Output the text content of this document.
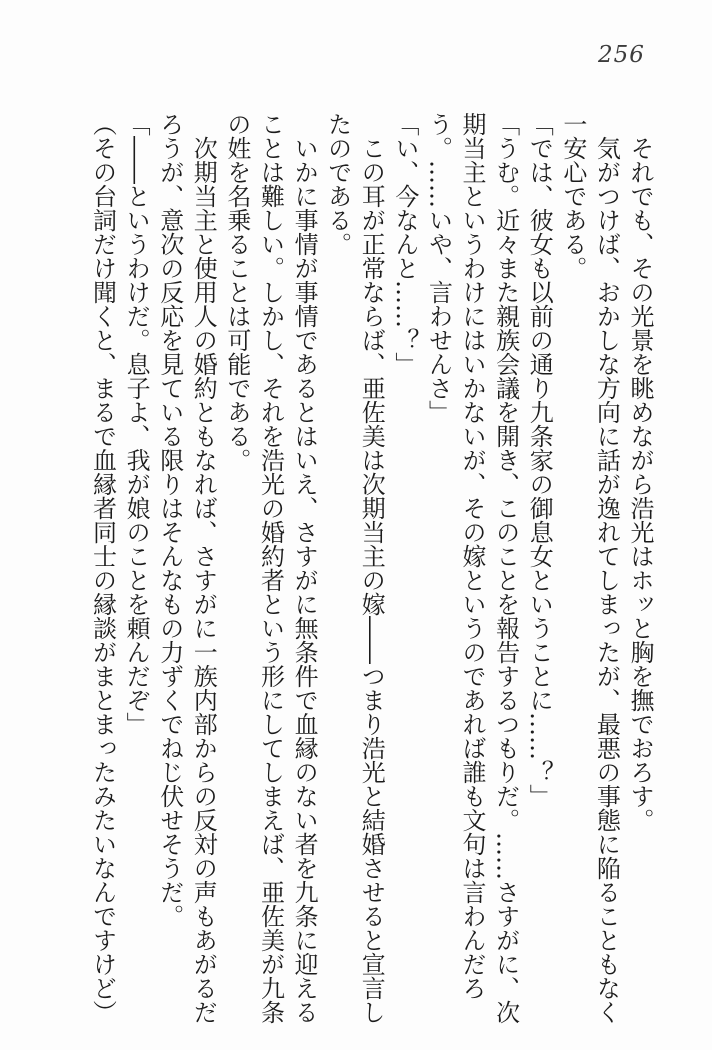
256

それでも、その光景を眺めながら浩光はホッと胸を撫でおろす。

気がつけば、おかしな方向に話が逸れてしまったが、最悪の事態に陥ることもなく一安心である。

「では、彼女も以前の通り九条家の御息女ということに……？」

「うむ。近々また親族会議を開き、このことを報告するつもりだ。……さすがに、次期当主というわけにはいかないが、その嫁というのであれば誰も文句は言わんだろう。……いや、言わせんさ」

「い、今なんと……？」

この耳が正常ならば、亜佐美は次期当主の嫁――つまり浩光と結婚させると宣言したのである。

いかに事情が事情であるとはいえ、さすがに無条件で血縁のない者を九条に迎えることは難しい。しかし、それを浩光の婚約者という形にしてしまえば、亜佐美が九条の姓を名乗ることは可能である。

次期当主と使用人の婚約ともなれば、さすがに一族内部からの反対の声もあがるだろうが、意次の反応を見ている限りはそんなもの力ずくでねじ伏せそうだ。

「――というわけだ。息子よ、我が娘のことを頼んだぞ」

（その台詞だけ聞くと、まるで血縁者同士の縁談がまとまったみたいなんですけど）
